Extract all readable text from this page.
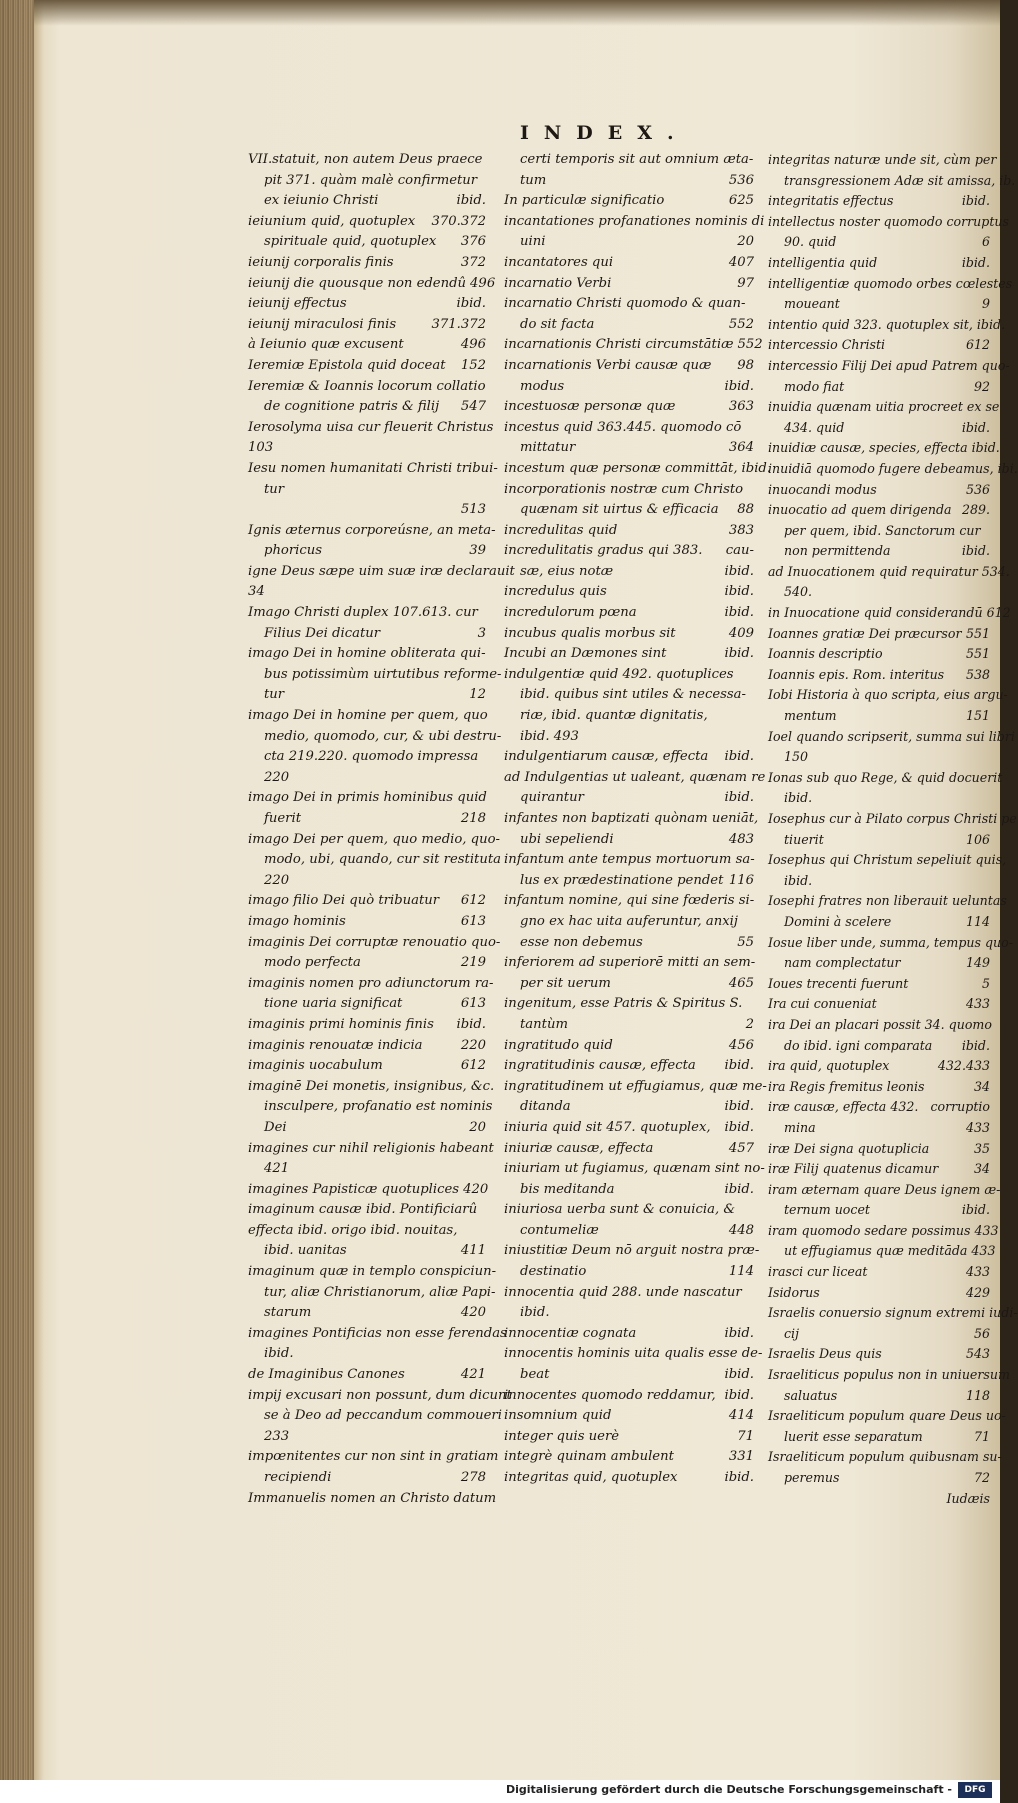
INDEX.
VII.statuit, non autem Deus praece
pit 371. quàm malè confirmetur
ex ieiunio Christi	ibid.
ieiunium quid, quotuplex	370.372
spirituale quid, quotuplex	376
ieiunij corporalis finis	372
ieiunij die quousque non edendû 496
ieiunij effectus	ibid.
ieiunij miraculosi finis	371.372
à Ieiunio quæ excusent	496
Ieremiæ Epistola quid doceat	152
Ieremiæ & Ioannis locorum collatio
de cognitione patris & filij	547
Ierosolyma uisa cur fleuerit Christus
103
Iesu nomen humanitati Christi tribui-
tur
513
Ignis æternus corporeúsne, an meta-
phoricus	39
igne Deus sæpe uim suæ iræ declarauit
34
Imago Christi duplex 107.613. cur
Filius Dei dicatur	3
imago Dei in homine obliterata qui-
bus potissimùm uirtutibus reforme-
tur	12
imago Dei in homine per quem, quo
medio, quomodo, cur, & ubi destru-
cta 219.220. quomodo impressa
220
imago Dei in primis hominibus quid
fuerit	218
imago Dei per quem, quo medio, quo-
modo, ubi, quando, cur sit restituta
220
imago filio Dei quò tribuatur	612
imago hominis	613
imaginis Dei corruptæ renouatio quo-
modo perfecta	219
imaginis nomen pro adiunctorum ra-
tione uaria significat	613
imaginis primi hominis finis	ibid.
imaginis renouatæ indicia	220
imaginis uocabulum	612
imaginē Dei monetis, insignibus, &c.
insculpere, profanatio est nominis
Dei	20
imagines cur nihil religionis habeant
421
imagines Papisticæ quotuplices 420
imaginum causæ ibid. Pontificiarû
effecta ibid. origo ibid. nouitas,
ibid. uanitas	411
imaginum quæ in templo conspiciun-
tur, aliæ Christianorum, aliæ Papi-
starum	420
imagines Pontificias non esse ferendas
ibid.
de Imaginibus Canones	421
impij excusari non possunt, dum dicunt
se à Deo ad peccandum commoueri
233
impœnitentes cur non sint in gratiam
recipiendi	278
Immanuelis nomen an Christo datum
certi temporis sit aut omnium æta-
tum	536
In particulæ significatio	625
incantationes profanationes nominis di
uini	20
incantatores qui	407
incarnatio Verbi	97
incarnatio Christi quomodo & quan-
do sit facta	552
incarnationis Christi circumstātiæ 552
incarnationis Verbi causæ quæ	98
modus	ibid.
incestuosæ personæ quæ	363
incestus quid 363.445. quomodo cō
mittatur	364
incestum quæ personæ committāt, ibid.
incorporationis nostræ cum Christo
quænam sit uirtus & efficacia	88
incredulitas quid	383
incredulitatis gradus qui 383.	cau-
sæ, eius notæ	ibid.
incredulus quis	ibid.
incredulorum pœna	ibid.
incubus qualis morbus sit	409
Incubi an Dæmones sint	ibid.
indulgentiæ quid 492. quotuplices
ibid. quibus sint utiles & necessa-
riæ, ibid. quantæ dignitatis,
ibid. 493
indulgentiarum causæ, effecta	ibid.
ad Indulgentias ut ualeant, quænam re
quirantur	ibid.
infantes non baptizati quònam ueniāt,
ubi sepeliendi	483
infantum ante tempus mortuorum sa-
lus ex prædestinatione pendet 116
infantum nomine, qui sine fœderis si-
gno ex hac uita auferuntur, anxij
esse non debemus	55
inferiorem ad superiorē mitti an sem-
per sit uerum	465
ingenitum, esse Patris & Spiritus S.
tantùm	2
ingratitudo quid	456
ingratitudinis causæ, effecta	ibid.
ingratitudinem ut effugiamus, quæ me-
ditanda	ibid.
iniuria quid sit 457. quotuplex,	ibid.
iniuriæ causæ, effecta	457
iniuriam ut fugiamus, quænam sint no-
bis meditanda	ibid.
iniuriosa uerba sunt & conuicia, &
contumeliæ	448
iniustitiæ Deum nō arguit nostra præ-
destinatio	114
innocentia quid 288. unde nascatur
ibid.
innocentiæ cognata	ibid.
innocentis hominis uita qualis esse de-
beat	ibid.
innocentes quomodo reddamur, ibid.
insomnium quid	414
integer quis uerè	71
integrè quinam ambulent	331
integritas quid, quotuplex	ibid.
integritas naturæ unde sit, cùm per
transgressionem Adæ sit amissa, ib.
integritatis effectus	ibid.
intellectus noster quomodo corruptus
90. quid	6
intelligentia quid	ibid.
intelligentiæ quomodo orbes cœlestes
moueant	9
intentio quid 323. quotuplex sit, ibid.
intercessio Christi	612
intercessio Filij Dei apud Patrem quo-
modo fiat	92
inuidia quænam uitia procreet ex se
434. quid	ibid.
inuidiæ causæ, species, effecta ibid.
inuidiā quomodo fugere debeamus, ibi.
inuocandi modus	536
inuocatio ad quem dirigenda 289.
per quem, ibid. Sanctorum cur
non permittenda	ibid.
ad Inuocationem quid requiratur 534.
540.
in Inuocatione quid considerandū 612
Ioannes gratiæ Dei præcursor 551
Ioannis descriptio	551
Ioannis epis. Rom. interitus	538
Iobi Historia à quo scripta, eius argu-
mentum	151
Ioel quando scripserit, summa sui libri
150
Ionas sub quo Rege, & quid docuerit
ibid.
Iosephus cur à Pilato corpus Christi pe
tiuerit	106
Iosephus qui Christum sepeliuit quis,
ibid.
Iosephi fratres non liberauit ueluntas
Domini à scelere	114
Iosue liber unde, summa, tempus quo-
nam complectatur	149
Ioues trecenti fuerunt	5
Ira cui conueniat	433
ira Dei an placari possit 34. quomo
do ibid. igni comparata	ibid.
ira quid, quotuplex	432.433
ira Regis fremitus leonis	34
iræ causæ, effecta 432. corruptio
mina	433
iræ Dei signa quotuplicia	35
iræ Filij quatenus dicamur	34
iram æternam quare Deus ignem æ-
ternum uocet	ibid.
iram quomodo sedare possimus 433
ut effugiamus quæ meditāda 433
irasci cur liceat	433
Isidorus	429
Israelis conuersio signum extremi iudi-
cij	56
Israelis Deus quis	543
Israeliticus populus non in uniuersum
saluatus	118
Israeliticum populum quare Deus uo-
luerit esse separatum	71
Israeliticum populum quibusnam su-
peremus	72
Iudæis
Digitalisierung gefördert durch die Deutsche Forschungsgemeinschaft -	DFG
